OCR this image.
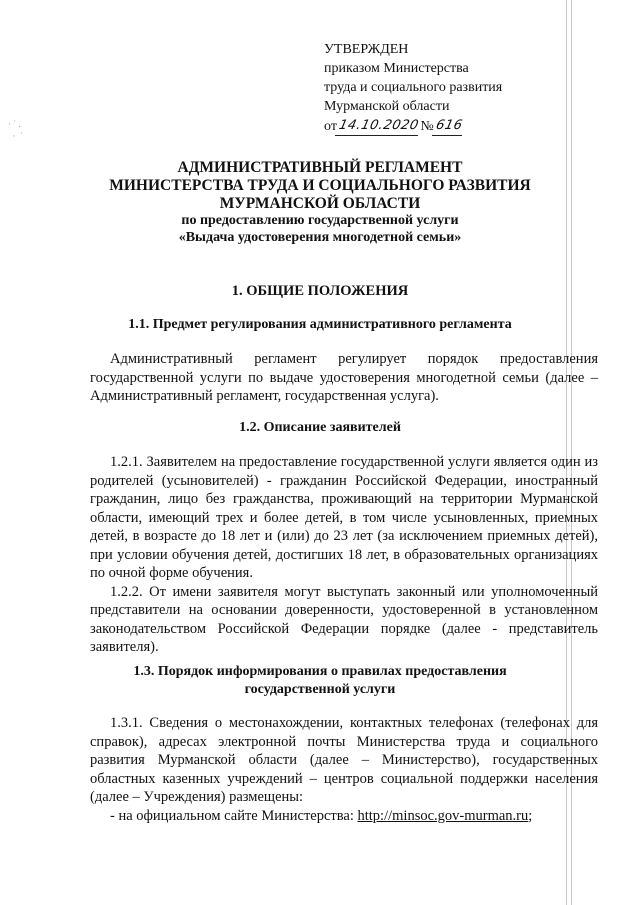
· ˙ .
·  ˙
УТВЕРЖДЕН
приказом Министерства
труда и социального развития
Мурманской области
от 14.10.2020 № 616
АДМИНИСТРАТИВНЫЙ РЕГЛАМЕНТ
МИНИСТЕРСТВА ТРУДА И СОЦИАЛЬНОГО РАЗВИТИЯ
МУРМАНСКОЙ ОБЛАСТИ
по предоставлению государственной услуги
«Выдача удостоверения многодетной семьи»
1. ОБЩИЕ ПОЛОЖЕНИЯ
1.1. Предмет регулирования административного регламента

Административный регламент регулирует порядок предоставления государственной услуги по выдаче удостоверения многодетной семьи (далее – Административный регламент, государственная услуга).

1.2. Описание заявителей

1.2.1. Заявителем на предоставление государственной услуги является один из родителей (усыновителей) - гражданин Российской Федерации, иностранный гражданин, лицо без гражданства, проживающий на территории Мурманской области, имеющий трех и более детей, в том числе усыновленных, приемных детей, в возрасте до 18 лет и (или) до 23 лет (за исключением приемных детей), при условии обучения детей, достигших 18 лет, в образовательных организациях по очной форме обучения.

1.2.2. От имени заявителя могут выступать законный или уполномоченный представители на основании доверенности, удостоверенной в установленном законодательством Российской Федерации порядке (далее - представитель заявителя).

1.3. Порядок информирования о правилах предоставления
государственной услуги

1.3.1. Сведения о местонахождении, контактных телефонах (телефонах для справок), адресах электронной почты Министерства труда и социального развития Мурманской области (далее – Министерство), государственных областных казенных учреждений – центров социальной поддержки населения (далее – Учреждения) размещены:

- на официальном сайте Министерства: http://minsoc.gov-murman.ru;
